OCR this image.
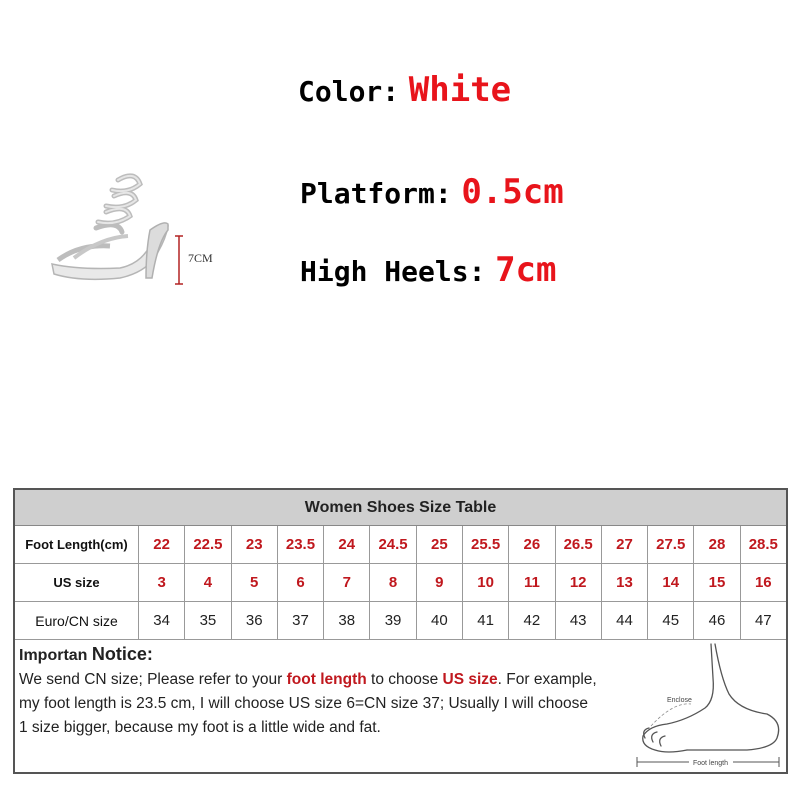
Color: White
Platform: 0.5cm
High Heels: 7cm
7CM
Women Shoes Size Table
Foot Length(cm)	22	22.5	23	23.5	24	24.5	25	25.5	26	26.5	27	27.5	28	28.5
US size	3	4	5	6	7	8	9	10	11	12	13	14	15	16
Euro/CN size	34	35	36	37	38	39	40	41	42	43	44	45	46	47
Importan Notice:
We send CN size; Please refer to your foot length to choose US size. For example,
my foot length is 23.5 cm, I will choose US size 6=CN size 37; Usually I will choose
1 size bigger, because my foot is a little wide and fat.
Enclose
Foot length
